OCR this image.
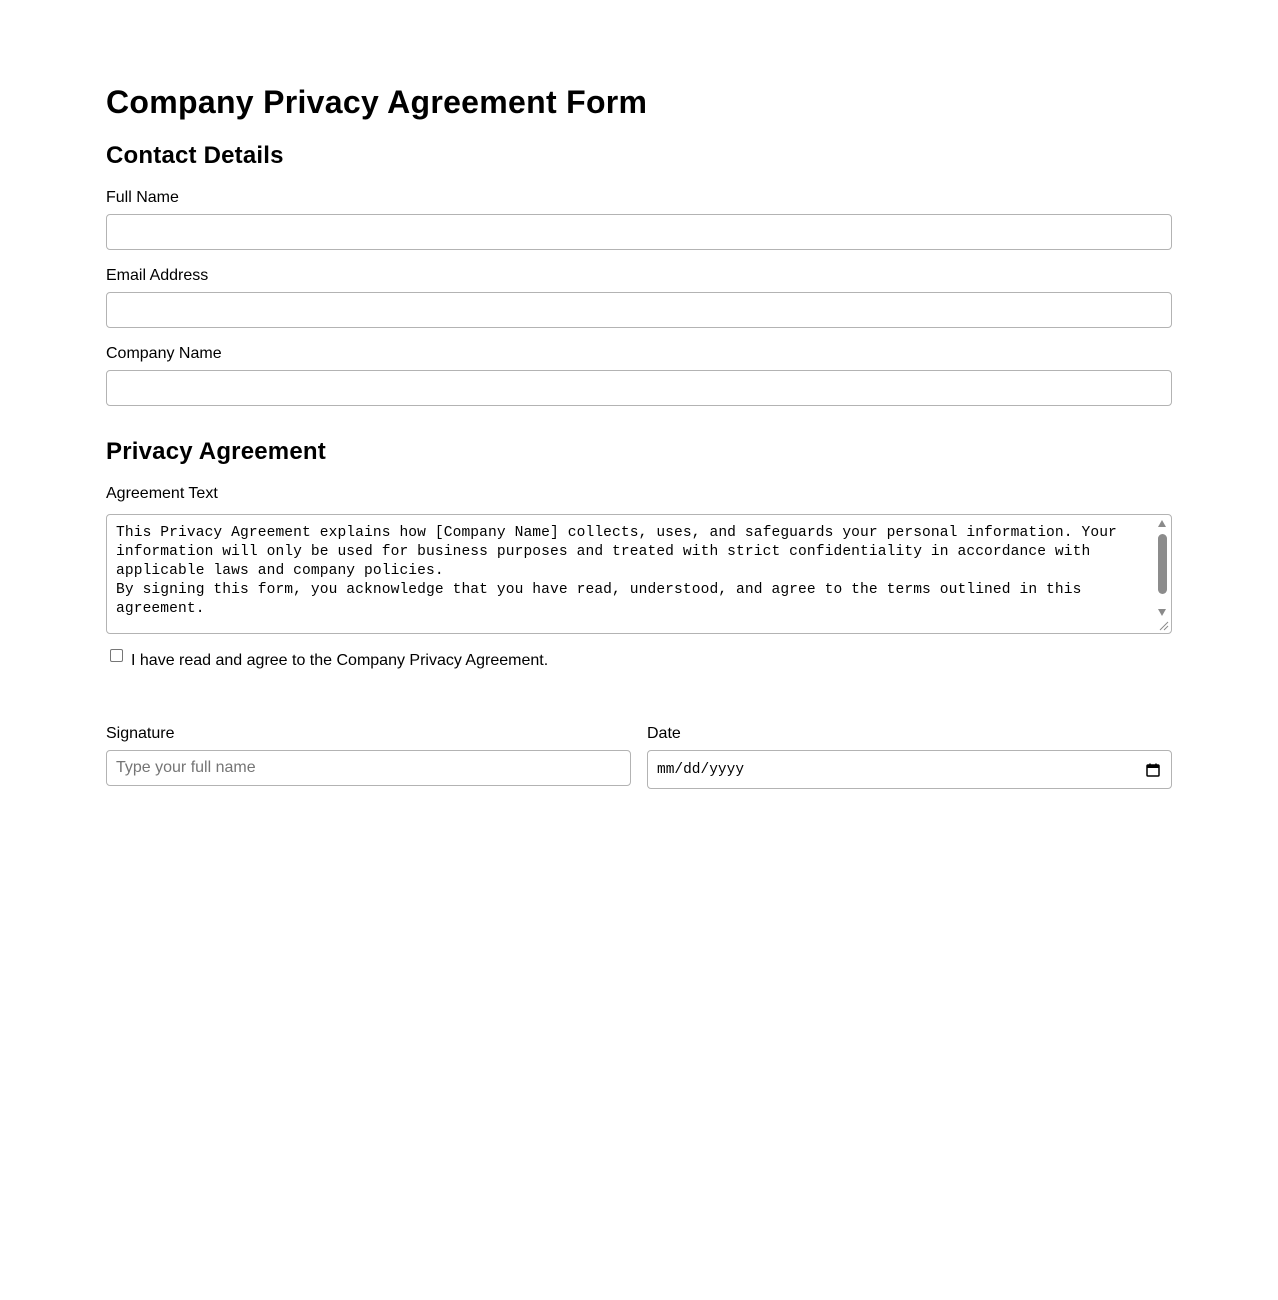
Company Privacy Agreement Form
Contact Details
Full Name
Email Address
Company Name
Privacy Agreement
Agreement Text
This Privacy Agreement explains how [Company Name] collects, uses, and safeguards your personal information. Your information will only be used for business purposes and treated with strict confidentiality in accordance with applicable laws and company policies.
By signing this form, you acknowledge that you have read, understood, and agree to the terms outlined in this agreement.
I have read and agree to the Company Privacy Agreement.
Signature
Type your full name	Date
mm/dd/yyyy
